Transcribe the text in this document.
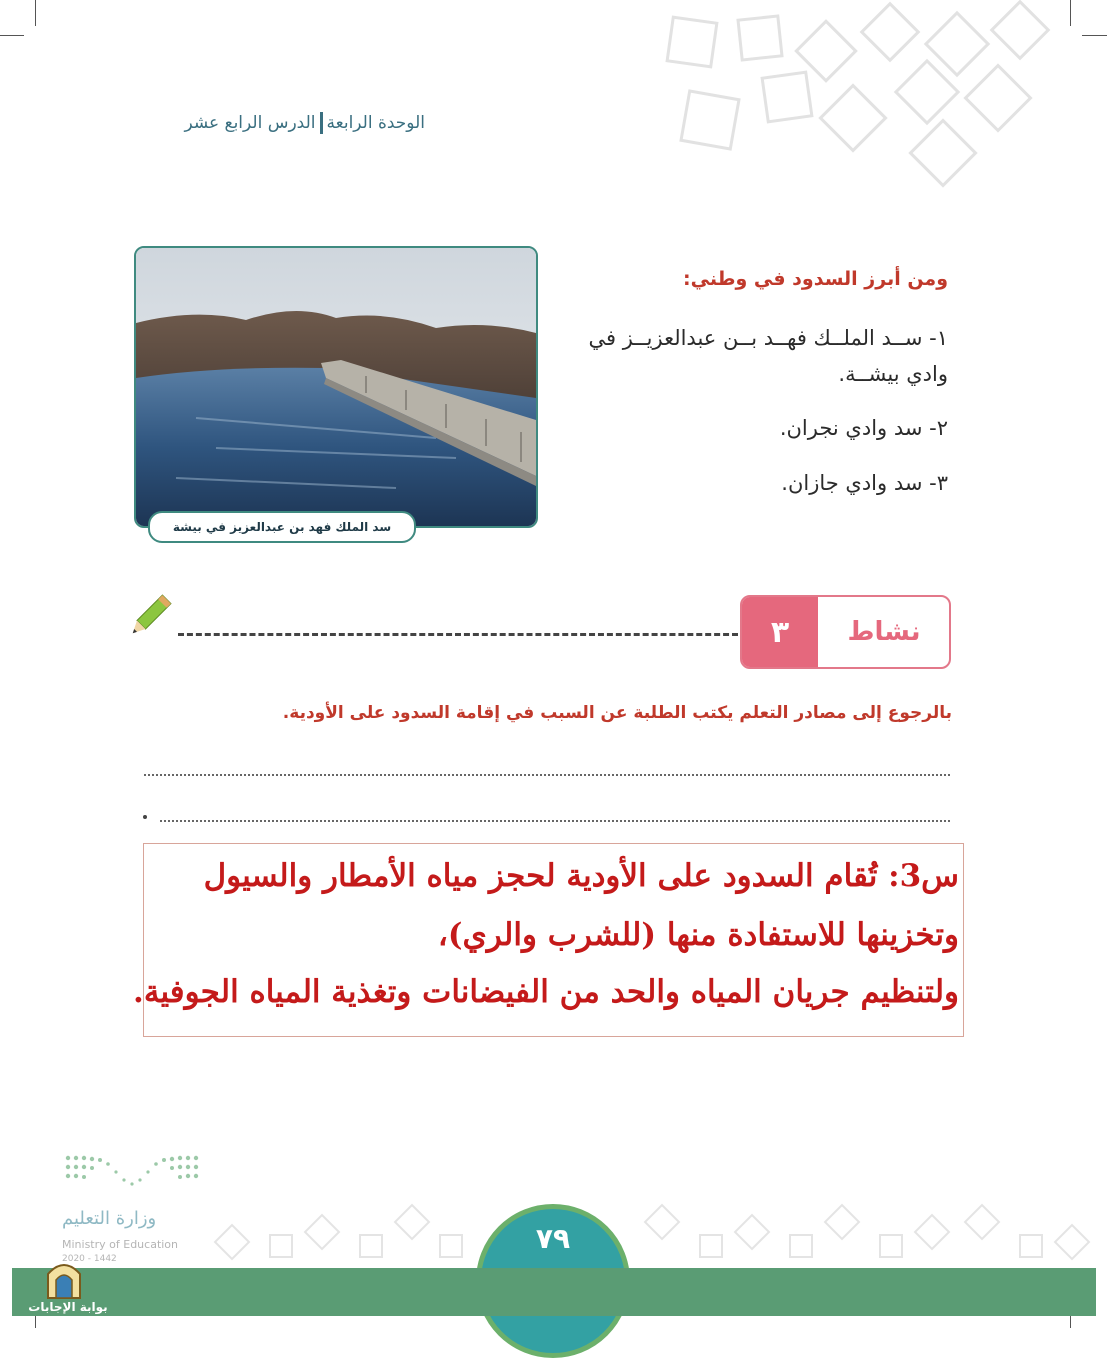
الوحدة الرابعة
الدرس الرابع عشر
سد الملك فهد بن عبدالعزيز في بيشة
ومن أبرز السدود في وطني:
١- ســد الملــك فهــد بــن عبدالعزيــز في
وادي بيشــة.
٢- سد وادي نجران.
٣- سد وادي جازان.
نشاط
٣
بالرجوع إلى مصادر التعلم يكتب الطلبة عن السبب في إقامة السدود على الأودية.
س3: تُقام السدود على الأودية لحجز مياه الأمطار والسيول
وتخزينها للاستفادة منها (للشرب والري)،
ولتنظيم جريان المياه والحد من الفيضانات وتغذية المياه الجوفية.
وزارة التعليم
Ministry of Education
2020 - 1442
٧٩
بوابة الإجابات
